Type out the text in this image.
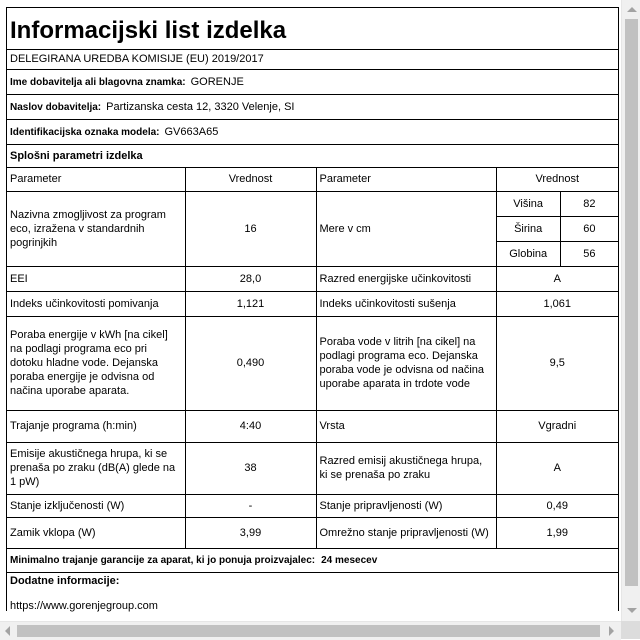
Informacijski list izdelka
DELEGIRANA UREDBA KOMISIJE (EU) 2019/2017
Ime dobavitelja ali blagovna znamka: GORENJE
Naslov dobavitelja: Partizanska cesta 12, 3320 Velenje, SI
Identifikacijska oznaka modela: GV663A65
Splošni parametri izdelka
Parameter	Vrednost	Parameter	Vrednost
Nazivna zmogljivost za program eco, izražena v standardnih pogrinjkih	16	Mere v cm	
Višina	82
Širina	60
Globina	56

EEI	28,0	Razred energijske učinkovitosti	A
Indeks učinkovitosti pomivanja	1,121	Indeks učinkovitosti sušenja	1,061
Poraba energije v kWh [na cikel] na podlagi programa eco pri dotoku hladne vode. Dejanska poraba energije je odvisna od načina uporabe aparata.	0,490	Poraba vode v litrih [na cikel] na podlagi programa eco. Dejanska poraba vode je odvisna od načina uporabe aparata in trdote vode	9,5
Trajanje programa (h:min)	4:40	Vrsta	Vgradni
Emisije akustičnega hrupa, ki se prenaša po zraku (dB(A) glede na 1 pW)	38	Razred emisij akustičnega hrupa, ki se prenaša po zraku	A
Stanje izključenosti (W)	-	Stanje pripravljenosti (W)	0,49
Zamik vklopa (W)	3,99	Omrežno stanje pripravljenosti (W)	1,99
Minimalno trajanje garancije za aparat, ki jo ponuja proizvajalec: 24 mesecev
Dodatne informacije:
https://www.gorenjegroup.com
